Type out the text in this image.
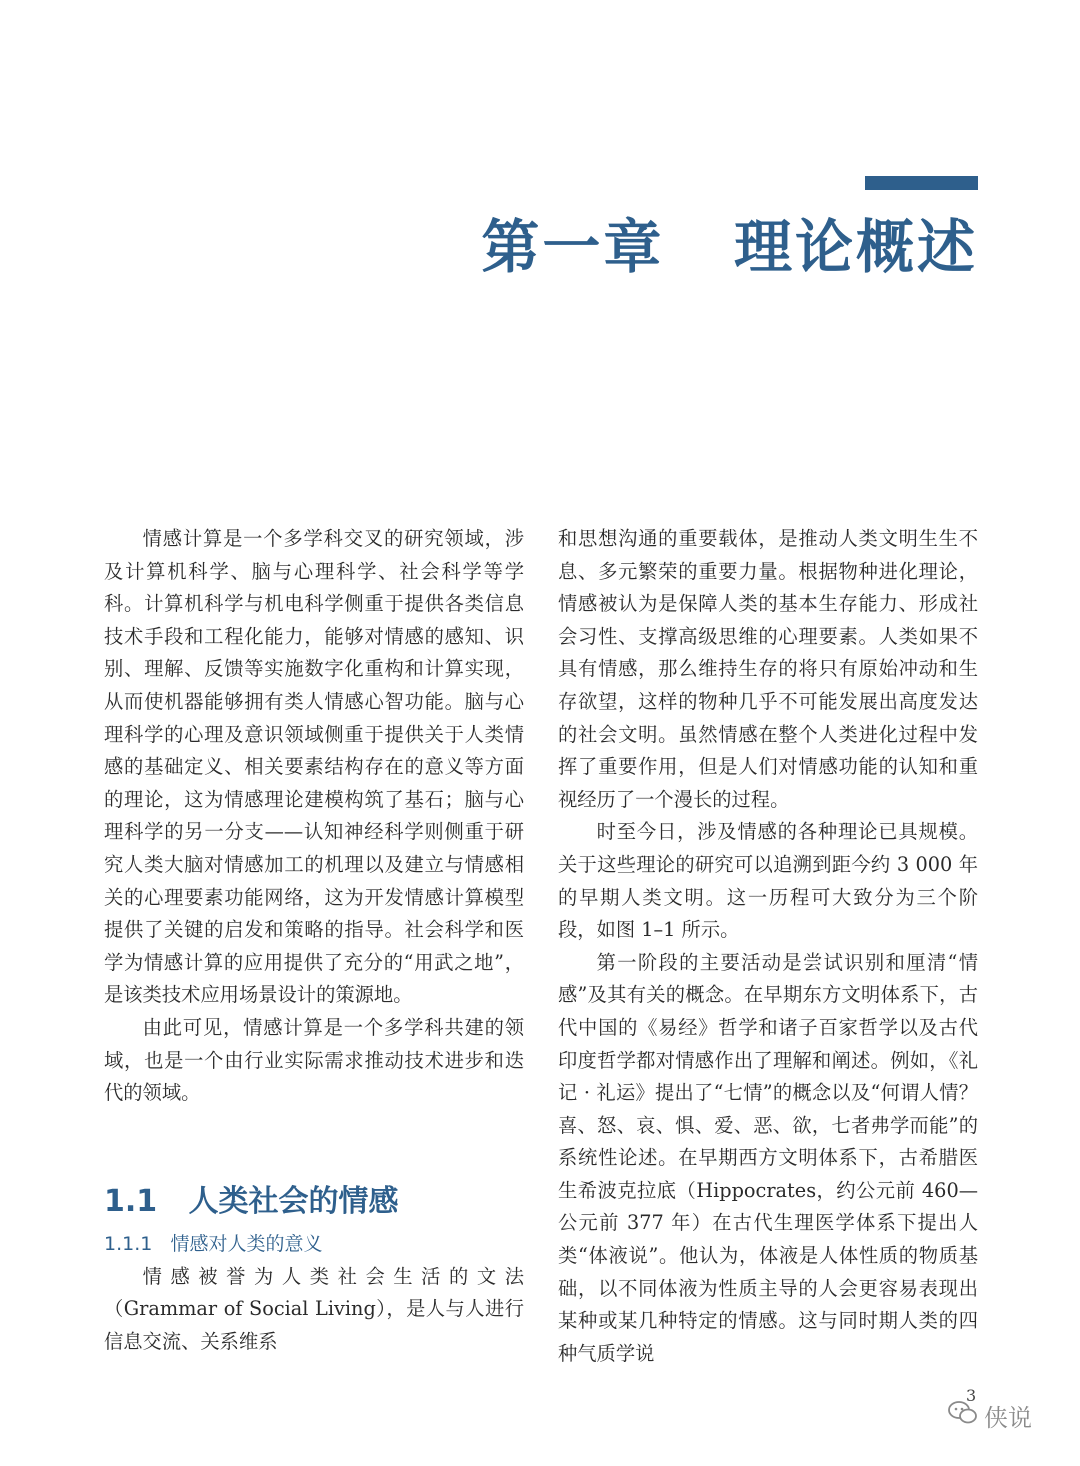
第一章   理论概述

情感计算是一个多学科交叉的研究领域，涉及计算机科学、脑与心理科学、社会科学等学科。计算机科学与机电科学侧重于提供各类信息技术手段和工程化能力，能够对情感的感知、识别、理解、反馈等实施数字化重构和计算实现，从而使机器能够拥有类人情感心智功能。脑与心理科学的心理及意识领域侧重于提供关于人类情感的基础定义、相关要素结构存在的意义等方面的理论，这为情感理论建模构筑了基石；脑与心理科学的另一分支——认知神经科学则侧重于研究人类大脑对情感加工的机理以及建立与情感相关的心理要素功能网络，这为开发情感计算模型提供了关键的启发和策略的指导。社会科学和医学为情感计算的应用提供了充分的“用武之地”，是该类技术应用场景设计的策源地。

由此可见，情感计算是一个多学科共建的领域，也是一个由行业实际需求推动技术进步和迭代的领域。

1.1   人类社会的情感

1.1.1   情感对人类的意义

情感被誉为人类社会生活的文法（Grammar of Social Living），是人与人进行信息交流、关系维系

和思想沟通的重要载体，是推动人类文明生生不息、多元繁荣的重要力量。根据物种进化理论，情感被认为是保障人类的基本生存能力、形成社会习性、支撑高级思维的心理要素。人类如果不具有情感，那么维持生存的将只有原始冲动和生存欲望，这样的物种几乎不可能发展出高度发达的社会文明。虽然情感在整个人类进化过程中发挥了重要作用，但是人们对情感功能的认知和重视经历了一个漫长的过程。

时至今日，涉及情感的各种理论已具规模。关于这些理论的研究可以追溯到距今约 3 000 年的早期人类文明。这一历程可大致分为三个阶段，如图 1–1 所示。

第一阶段的主要活动是尝试识别和厘清“情感”及其有关的概念。在早期东方文明体系下，古代中国的《易经》哲学和诸子百家哲学以及古代印度哲学都对情感作出了理解和阐述。例如，《礼记 · 礼运》提出了“七情”的概念以及“何谓人情？喜、怒、哀、惧、爱、恶、欲，七者弗学而能”的系统性论述。在早期西方文明体系下，古希腊医生希波克拉底（Hippocrates，约公元前 460—公元前 377 年）在古代生理医学体系下提出人类“体液说”。他认为，体液是人体性质的物质基础，以不同体液为性质主导的人会更容易表现出某种或某几种特定的情感。这与同时期人类的四种气质学说

3
侠说
